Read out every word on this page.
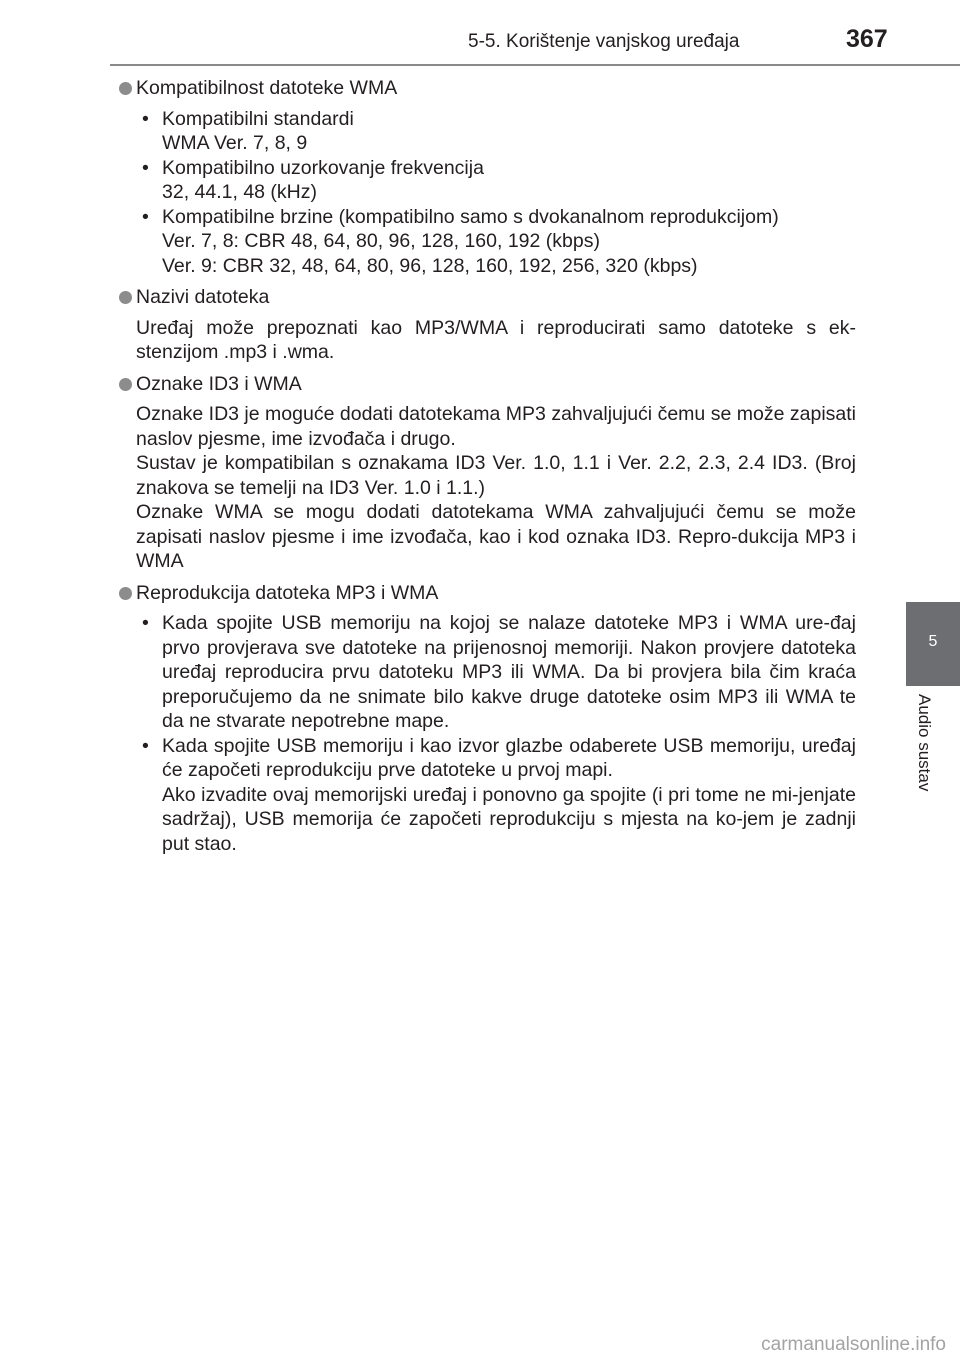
5-5. Korištenje vanjskog uređaja	367
5
Audio sustav
Kompatibilnost datoteke WMA
• Kompatibilni standardi
WMA Ver. 7, 8, 9
• Kompatibilno uzorkovanje frekvencija
32, 44.1, 48 (kHz)
• Kompatibilne brzine (kompatibilno samo s dvokanalnom reprodukcijom)
Ver. 7, 8: CBR 48, 64, 80, 96, 128, 160, 192 (kbps)
Ver. 9: CBR 32, 48, 64, 80, 96, 128, 160, 192, 256, 320 (kbps)
Nazivi datoteka
Uređaj može prepoznati kao MP3/WMA i reproducirati samo datoteke s ek-stenzijom .mp3 i .wma.
Oznake ID3 i WMA
Oznake ID3 je moguće dodati datotekama MP3 zahvaljujući čemu se može zapisati naslov pjesme, ime izvođača i drugo.
Sustav je kompatibilan s oznakama ID3 Ver. 1.0, 1.1 i Ver. 2.2, 2.3, 2.4 ID3. (Broj znakova se temelji na ID3 Ver. 1.0 i 1.1.)
Oznake WMA se mogu dodati datotekama WMA zahvaljujući čemu se može zapisati naslov pjesme i ime izvođača, kao i kod oznaka ID3. Repro-dukcija MP3 i WMA
Reprodukcija datoteka MP3 i WMA
• Kada spojite USB memoriju na kojoj se nalaze datoteke MP3 i WMA ure-đaj prvo provjerava sve datoteke na prijenosnoj memoriji. Nakon provjere datoteka uređaj reproducira prvu datoteku MP3 ili WMA. Da bi provjera bila čim kraća preporučujemo da ne snimate bilo kakve druge datoteke osim MP3 ili WMA te da ne stvarate nepotrebne mape.
• Kada spojite USB memoriju i kao izvor glazbe odaberete USB memoriju, uređaj će započeti reprodukciju prve datoteke u prvoj mapi.
Ako izvadite ovaj memorijski uređaj i ponovno ga spojite (i pri tome ne mi-jenjate sadržaj), USB memorija će započeti reprodukciju s mjesta na ko-jem je zadnji put stao.
carmanualsonline.info
